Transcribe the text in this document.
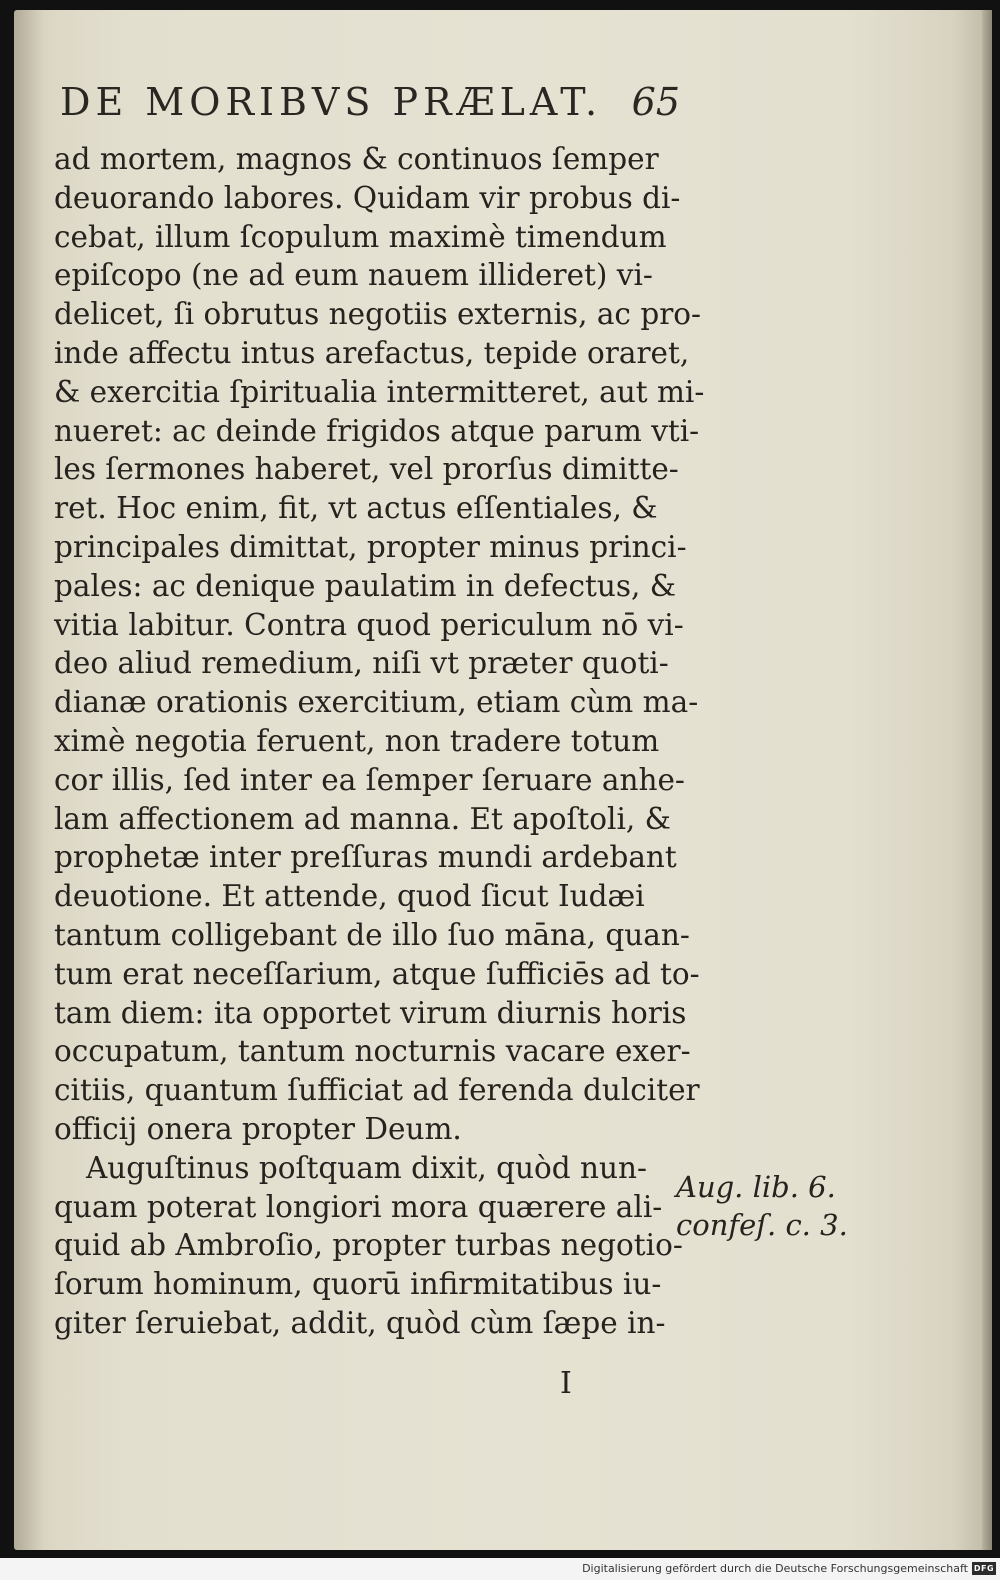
DE MORIBVS PRÆLAT. 65
ad mortem, magnos & continuos ſemper
deuorando labores. Quidam vir probus di-
cebat, illum ſcopulum maximè timendum
epiſcopo (ne ad eum nauem illideret) vi-
delicet, ſi obrutus negotiis externis, ac pro-
inde affectu intus arefactus, tepide oraret,
& exercitia ſpiritualia intermitteret, aut mi-
nueret: ac deinde frigidos atque parum vti-
les ſermones haberet, vel prorſus dimitte-
ret. Hoc enim, fit, vt actus eſſentiales, &
principales dimittat, propter minus princi-
pales: ac denique paulatim in defectus, &
vitia labitur. Contra quod periculum nō vi-
deo aliud remedium, niſi vt præter quoti-
dianæ orationis exercitium, etiam cùm ma-
ximè negotia feruent, non tradere totum
cor illis, ſed inter ea ſemper ſeruare anhe-
lam affectionem ad manna. Et apoſtoli, &
prophetæ inter preſſuras mundi ardebant
deuotione. Et attende, quod ſicut Iudæi
tantum colligebant de illo ſuo māna, quan-
tum erat neceſſarium, atque ſufficiēs ad to-
tam diem: ita opportet virum diurnis horis
occupatum, tantum nocturnis vacare exer-
citiis, quantum ſufficiat ad ferenda dulciter
officij onera propter Deum.
Auguſtinus poſtquam dixit, quòd nun-
quam poterat longiori mora quærere ali-
quid ab Ambroſio, propter turbas negotio-
ſorum hominum, quorū infirmitatibus iu-
giter ſeruiebat, addit, quòd cùm ſæpe in-
Aug. lib. 6.
confeſ. c. 3.
I
Digitalisierung gefördert durch die Deutsche Forschungsgemeinschaft DFG
